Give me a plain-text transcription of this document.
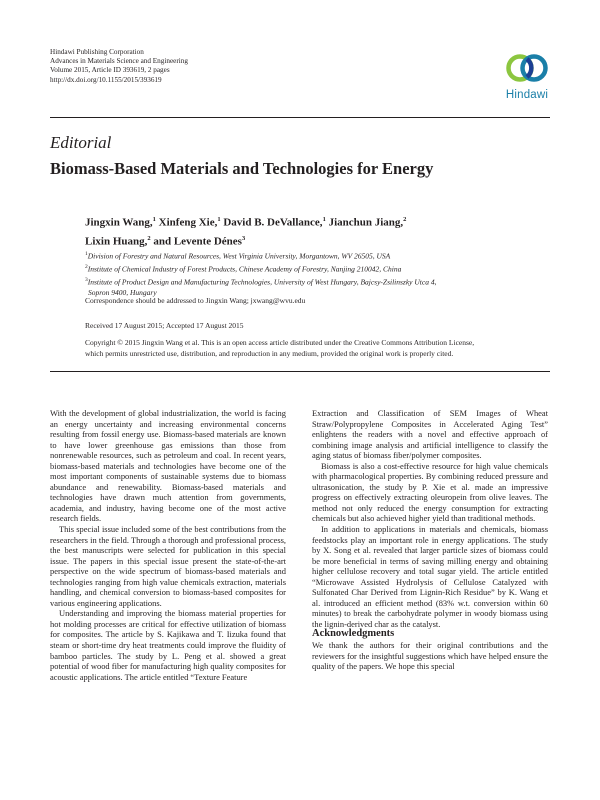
Hindawi Publishing Corporation
Advances in Materials Science and Engineering
Volume 2015, Article ID 393619, 2 pages
http://dx.doi.org/10.1155/2015/393619
Hindawi
Editorial
Biomass-Based Materials and Technologies for Energy
Jingxin Wang,$^1$ Xinfeng Xie,$^1$ David B. DeVallance,$^1$ Jianchun Jiang,$^2$
Lixin Huang,$^2$ and Levente Dénes$^3$
$^1$Division of Forestry and Natural Resources, West Virginia University, Morgantown, WV 26505, USA
$^2$Institute of Chemical Industry of Forest Products, Chinese Academy of Forestry, Nanjing 210042, China
$^3$Institute of Product Design and Manufacturing Technologies, University of West Hungary, Bajcsy-Zsilinszky Utca 4,
Sopron 9400, Hungary
Correspondence should be addressed to Jingxin Wang; jxwang@wvu.edu
Received 17 August 2015; Accepted 17 August 2015
Copyright © 2015 Jingxin Wang et al. This is an open access article distributed under the Creative Commons Attribution License,
which permits unrestricted use, distribution, and reproduction in any medium, provided the original work is properly cited.

With the development of global industrialization, the world is facing an energy uncertainty and increasing environmental concerns resulting from fossil energy use. Biomass-based materials are known to have lower greenhouse gas emissions than those from nonrenewable resources, such as petroleum and coal. In recent years, biomass-based materials and technologies have become one of the most important components of sustainable systems due to biomass abundance and renewability. Biomass-based materials and technologies have drawn much attention from governments, academia, and industry, having become one of the most active research fields.

This special issue included some of the best contributions from the researchers in the field. Through a thorough and professional process, the best manuscripts were selected for publication in this special issue. The papers in this special issue present the state-of-the-art perspective on the wide spectrum of biomass-based materials and technologies ranging from high value chemicals extraction, materials handling, and chemical conversion to biomass-based composites for various engineering applications.

Understanding and improving the biomass material properties for hot molding processes are critical for effective utilization of biomass for composites. The article by S. Kajikawa and T. Iizuka found that steam or short-time dry heat treatments could improve the fluidity of bamboo particles. The study by L. Peng et al. showed a great potential of wood fiber for manufacturing high quality composites for acoustic applications. The article entitled “Texture Feature

Extraction and Classification of SEM Images of Wheat Straw/Polypropylene Composites in Accelerated Aging Test” enlightens the readers with a novel and effective approach of combining image analysis and artificial intelligence to classify the aging status of biomass fiber/polymer composites.

Biomass is also a cost-effective resource for high value chemicals with pharmacological properties. By combining reduced pressure and ultrasonication, the study by P. Xie et al. made an impressive progress on effectively extracting oleuropein from olive leaves. The method not only reduced the energy consumption for extracting chemicals but also achieved higher yield than traditional methods.

In addition to applications in materials and chemicals, biomass feedstocks play an important role in energy applications. The study by X. Song et al. revealed that larger particle sizes of biomass could be more beneficial in terms of saving milling energy and obtaining higher cellulose recovery and total sugar yield. The article entitled “Microwave Assisted Hydrolysis of Cellulose Catalyzed with Sulfonated Char Derived from Lignin-Rich Residue” by K. Wang et al. introduced an efficient method (83% w.t. conversion within 60 minutes) to break the carbohydrate polymer in woody biomass using the lignin-derived char as the catalyst.

Acknowledgments

We thank the authors for their original contributions and the reviewers for the insightful suggestions which have helped ensure the quality of the papers. We hope this special
